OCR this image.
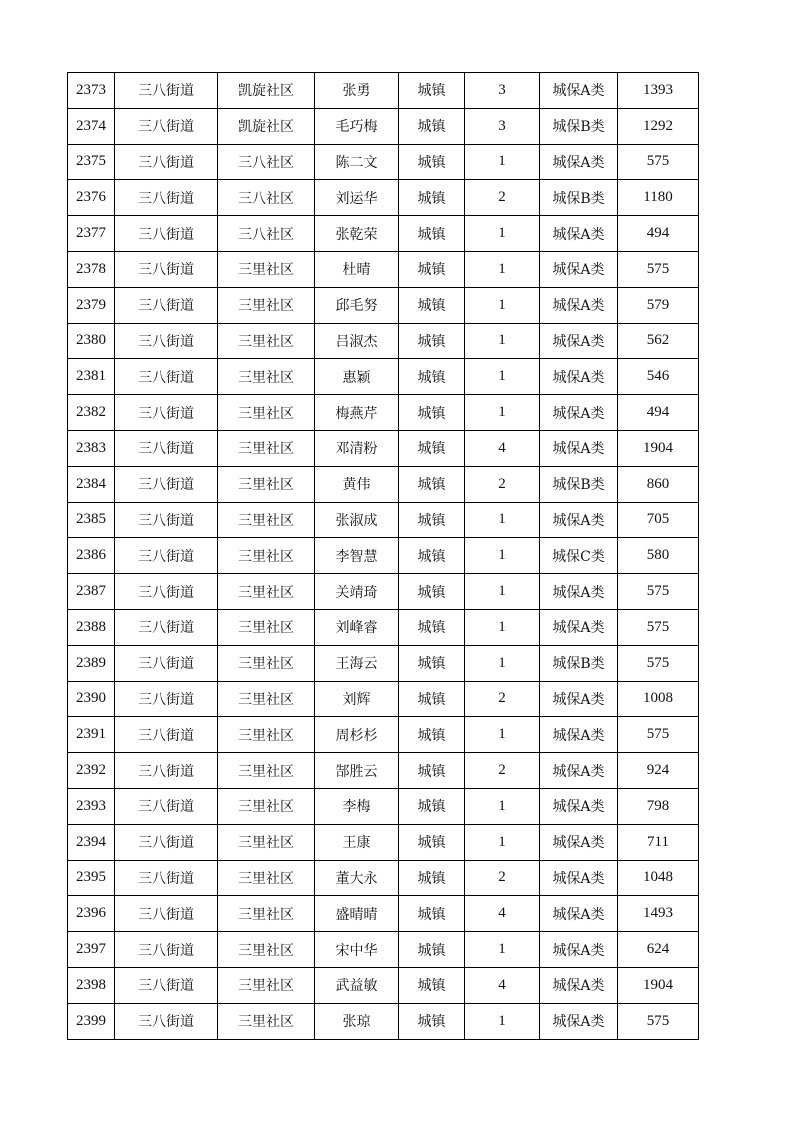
2373	三八街道	凯旋社区	张勇	城镇	3	城保A类	1393
2374	三八街道	凯旋社区	毛巧梅	城镇	3	城保B类	1292
2375	三八街道	三八社区	陈二文	城镇	1	城保A类	575
2376	三八街道	三八社区	刘运华	城镇	2	城保B类	1180
2377	三八街道	三八社区	张乾荣	城镇	1	城保A类	494
2378	三八街道	三里社区	杜晴	城镇	1	城保A类	575
2379	三八街道	三里社区	邱毛努	城镇	1	城保A类	579
2380	三八街道	三里社区	吕淑杰	城镇	1	城保A类	562
2381	三八街道	三里社区	惠颖	城镇	1	城保A类	546
2382	三八街道	三里社区	梅燕芹	城镇	1	城保A类	494
2383	三八街道	三里社区	邓清粉	城镇	4	城保A类	1904
2384	三八街道	三里社区	黄伟	城镇	2	城保B类	860
2385	三八街道	三里社区	张淑成	城镇	1	城保A类	705
2386	三八街道	三里社区	李智慧	城镇	1	城保C类	580
2387	三八街道	三里社区	关靖琦	城镇	1	城保A类	575
2388	三八街道	三里社区	刘峰睿	城镇	1	城保A类	575
2389	三八街道	三里社区	王海云	城镇	1	城保B类	575
2390	三八街道	三里社区	刘辉	城镇	2	城保A类	1008
2391	三八街道	三里社区	周杉杉	城镇	1	城保A类	575
2392	三八街道	三里社区	郜胜云	城镇	2	城保A类	924
2393	三八街道	三里社区	李梅	城镇	1	城保A类	798
2394	三八街道	三里社区	王康	城镇	1	城保A类	711
2395	三八街道	三里社区	董大永	城镇	2	城保A类	1048
2396	三八街道	三里社区	盛晴晴	城镇	4	城保A类	1493
2397	三八街道	三里社区	宋中华	城镇	1	城保A类	624
2398	三八街道	三里社区	武益敏	城镇	4	城保A类	1904
2399	三八街道	三里社区	张琼	城镇	1	城保A类	575
